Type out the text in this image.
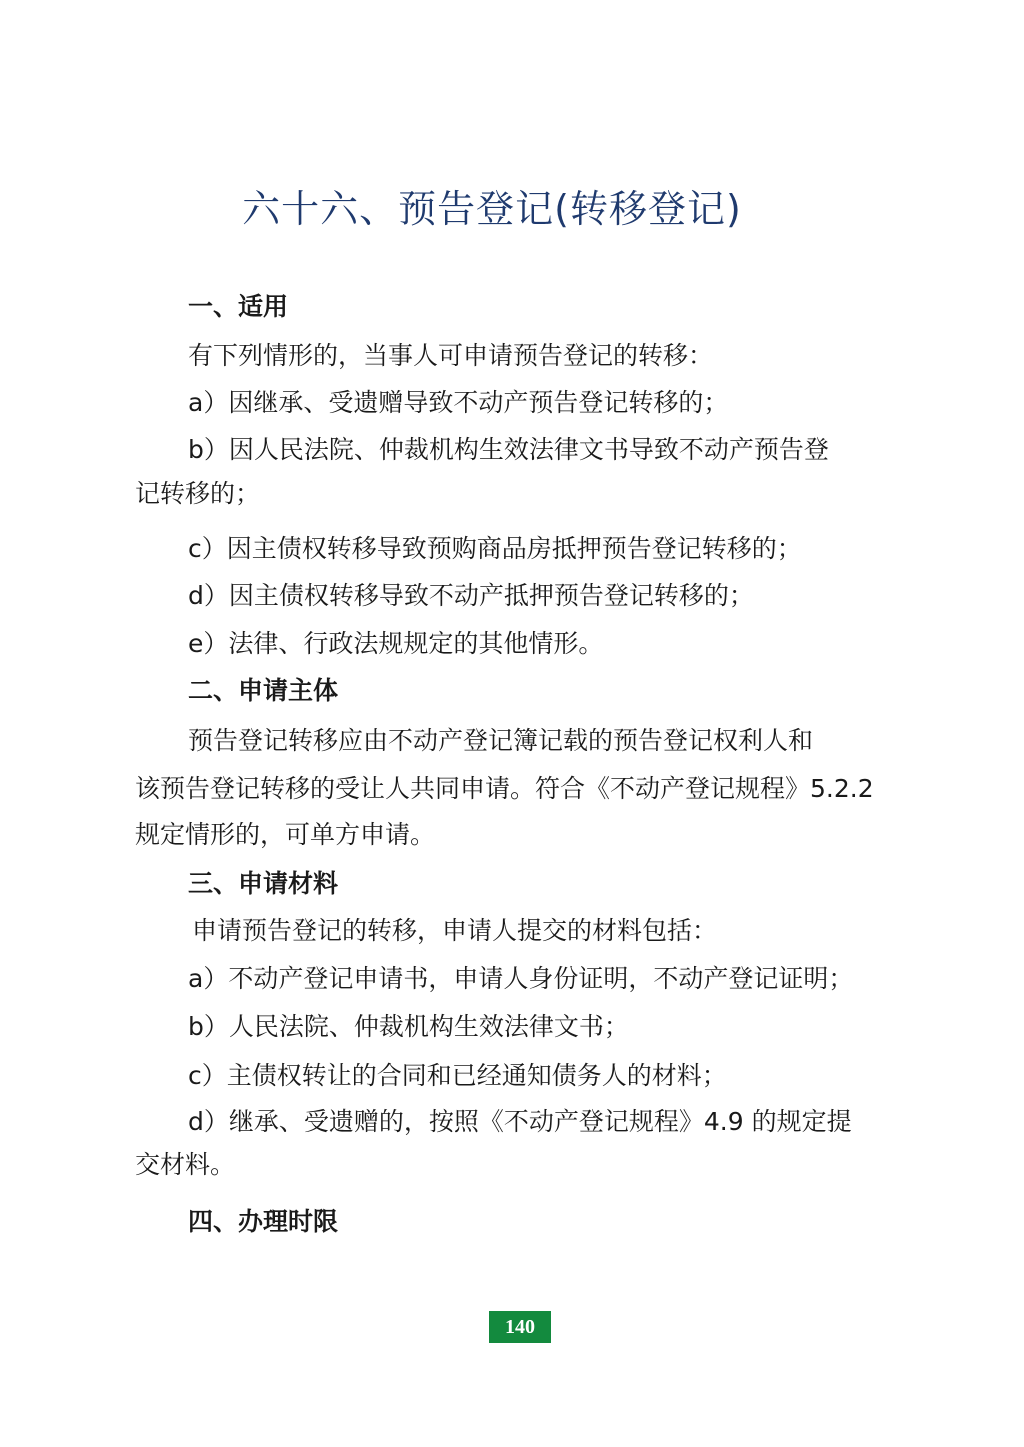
六十六、预告登记(转移登记)
一、适用
有下列情形的，当事人可申请预告登记的转移：
a）因继承、受遗赠导致不动产预告登记转移的；
b）因人民法院、仲裁机构生效法律文书导致不动产预告登
记转移的；
c）因主债权转移导致预购商品房抵押预告登记转移的；
d）因主债权转移导致不动产抵押预告登记转移的；
e）法律、行政法规规定的其他情形。
二、申请主体
预告登记转移应由不动产登记簿记载的预告登记权利人和
该预告登记转移的受让人共同申请。符合《不动产登记规程》5.2.2
规定情形的，可单方申请。
三、申请材料
申请预告登记的转移，申请人提交的材料包括：
a）不动产登记申请书，申请人身份证明，不动产登记证明；
b）人民法院、仲裁机构生效法律文书；
c）主债权转让的合同和已经通知债务人的材料；
d）继承、受遗赠的，按照《不动产登记规程》4.9 的规定提
交材料。
四、办理时限
140
